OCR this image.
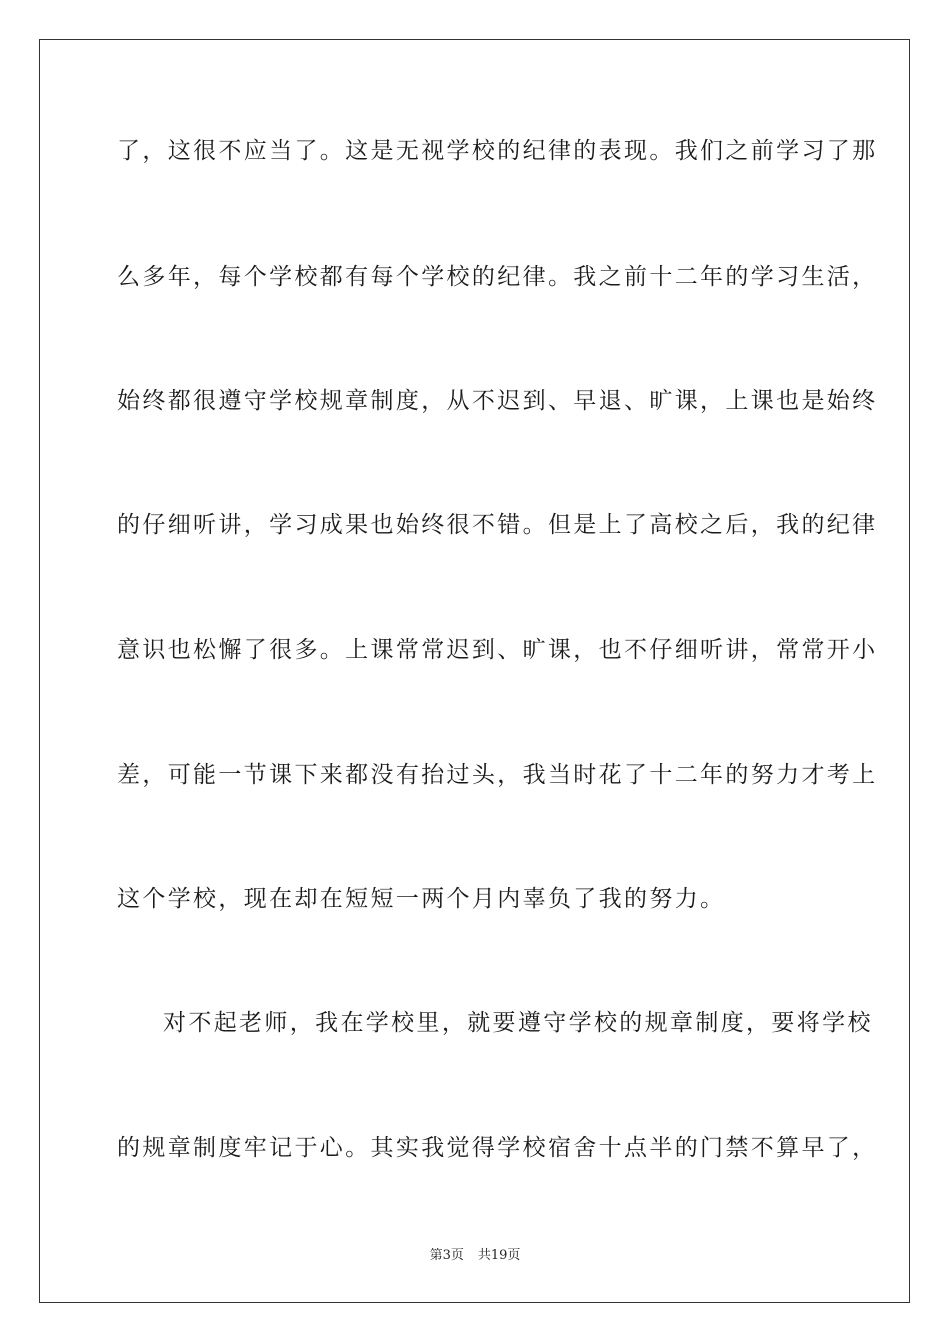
了，这很不应当了。这是无视学校的纪律的表现。我们之前学习了那
么多年，每个学校都有每个学校的纪律。我之前十二年的学习生活，
始终都很遵守学校规章制度，从不迟到、早退、旷课，上课也是始终
的仔细听讲，学习成果也始终很不错。但是上了高校之后，我的纪律
意识也松懈了很多。上课常常迟到、旷课，也不仔细听讲，常常开小
差，可能一节课下来都没有抬过头，我当时花了十二年的努力才考上
这个学校，现在却在短短一两个月内辜负了我的努力。
对不起老师，我在学校里，就要遵守学校的规章制度，要将学校
的规章制度牢记于心。其实我觉得学校宿舍十点半的门禁不算早了，
第3页 共19页
